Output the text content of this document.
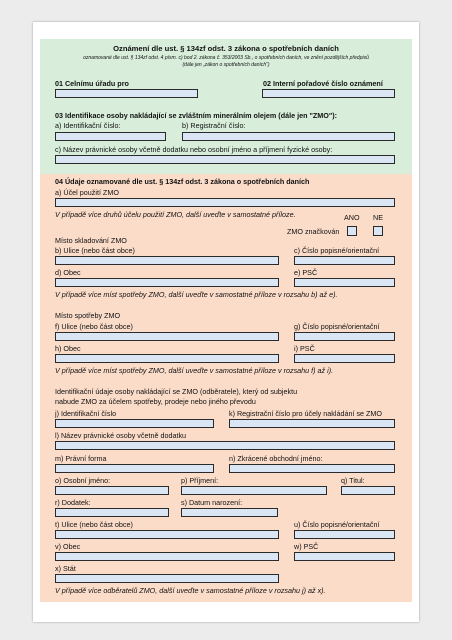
Oznámení dle ust. § 134zf odst. 3 zákona o spotřebních daních
oznamované dle ust. § 134zf odst. 4 písm. c) bod 2. zákona č. 353/2003 Sb., o spotřebních daních, ve znění pozdějších předpisů
(dále jen „zákon o spotřebních daních“)
01 Celnímu úřadu pro	02 Interní pořadové číslo oznámení
03 Identifikace osoby nakládající se zvláštním minerálním olejem (dále jen "ZMO"):
a) Identifikační číslo:	b) Registrační číslo:
c) Název právnické osoby včetně dodatku nebo osobní jméno a příjmení fyzické osoby:
04 Údaje oznamované dle ust. § 134zf odst. 3 zákona o spotřebních daních
a) Účel použití ZMO
V případě více druhů účelu použití ZMO, další uveďte v samostatné příloze.	ANO NE
ZMO značkován
Místo skladování ZMO
b) Ulice (nebo část obce)	c) Číslo popisné/orientační
d) Obec	e) PSČ
V případě více míst spotřeby ZMO, další uveďte v samostatné příloze v rozsahu b) až e).
Místo spotřeby ZMO
f) Ulice (nebo část obce)	g) Číslo popisné/orientační
h) Obec	i) PSČ
V případě více míst spotřeby ZMO, další uveďte v samostatné příloze v rozsahu f) až i).
Identifikační údaje osoby nakládající se ZMO (odběratele), který od subjektu
nabude ZMO za účelem spotřeby, prodeje nebo jiného převodu
j) Identifikační číslo	k) Registrační číslo pro účely nakládání se ZMO
l) Název právnické osoby včetně dodatku
m) Právní forma	n) Zkrácené obchodní jméno:
o) Osobní jméno:	p) Příjmení:	q) Titul:
r) Dodatek:	s) Datum narození:
t) Ulice (nebo část obce)	u) Číslo popisné/orientační
v) Obec	w) PSČ
x) Stát
V případě více odběratelů ZMO, další uveďte v samostatné příloze v rozsahu j) až x).
